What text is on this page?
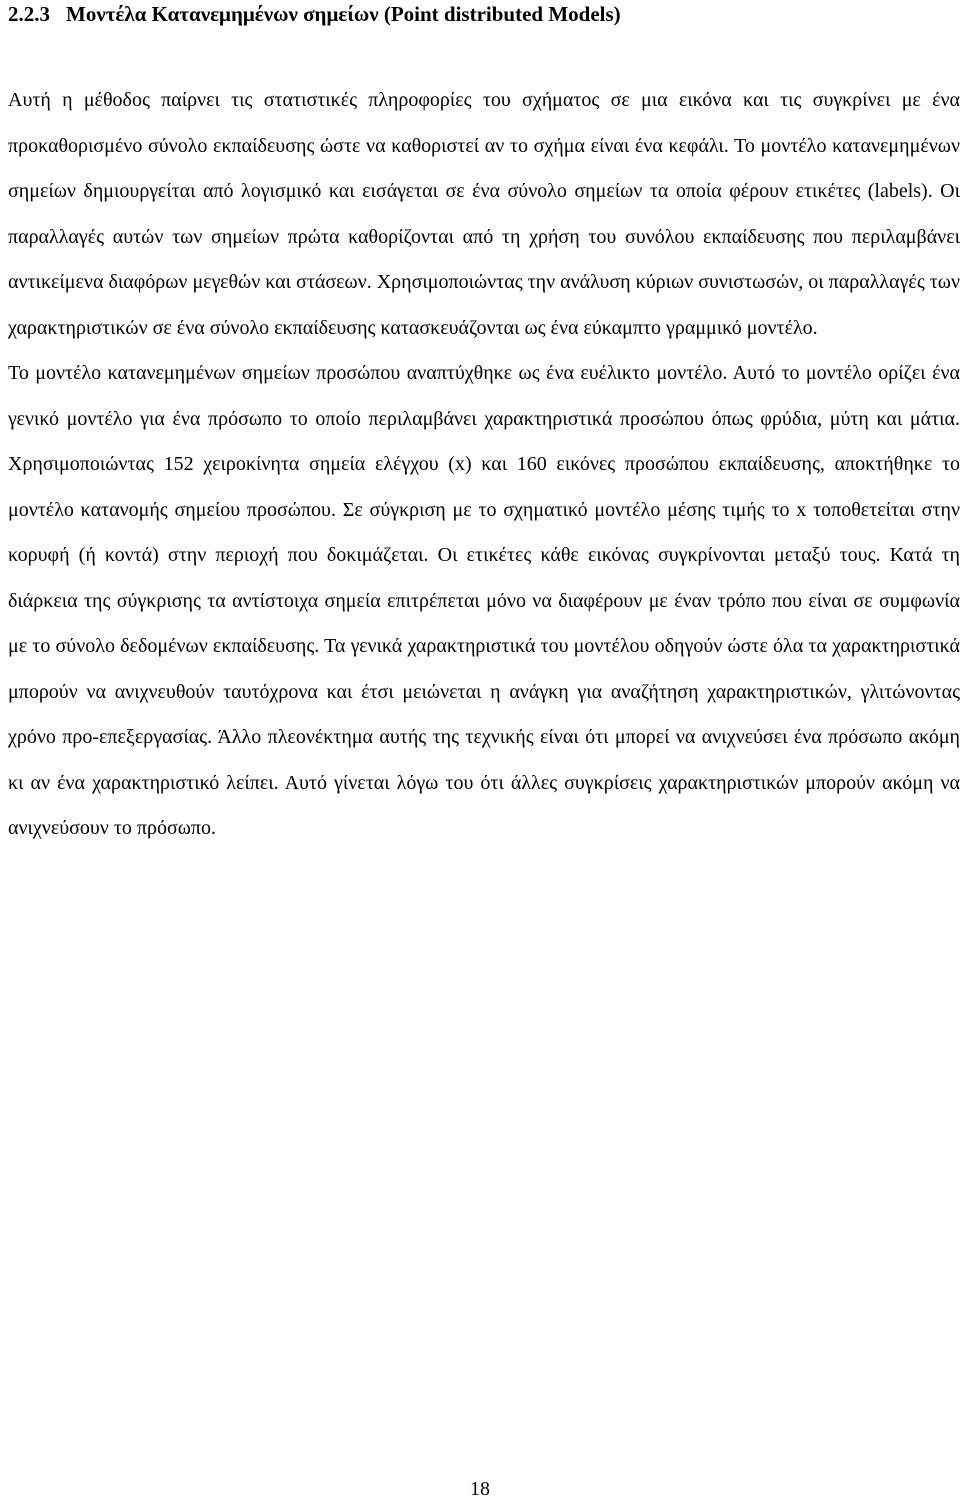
2.2.3 Μοντέλα Κατανεμημένων σημείων (Point distributed Models)

Αυτή η μέθοδος παίρνει τις στατιστικές πληροφορίες του σχήματος σε μια εικόνα και τις συγκρίνει με ένα προκαθορισμένο σύνολο εκπαίδευσης ώστε να καθοριστεί αν το σχήμα είναι ένα κεφάλι. Το μοντέλο κατανεμημένων σημείων δημιουργείται από λογισμικό και εισάγεται σε ένα σύνολο σημείων τα οποία φέρουν ετικέτες (labels). Οι παραλλαγές αυτών των σημείων πρώτα καθορίζονται από τη χρήση του συνόλου εκπαίδευσης που περιλαμβάνει αντικείμενα διαφόρων μεγεθών και στάσεων. Χρησιμοποιώντας την ανάλυση κύριων συνιστωσών, οι παραλλαγές των χαρακτηριστικών σε ένα σύνολο εκπαίδευσης κατασκευάζονται ως ένα εύκαμπτο γραμμικό μοντέλο.

Το μοντέλο κατανεμημένων σημείων προσώπου αναπτύχθηκε ως ένα ευέλικτο μοντέλο. Αυτό το μοντέλο ορίζει ένα γενικό μοντέλο για ένα πρόσωπο το οποίο περιλαμβάνει χαρακτηριστικά προσώπου όπως φρύδια, μύτη και μάτια. Χρησιμοποιώντας 152 χειροκίνητα σημεία ελέγχου (x) και 160 εικόνες προσώπου εκπαίδευσης, αποκτήθηκε το μοντέλο κατανομής σημείου προσώπου. Σε σύγκριση με το σχηματικό μοντέλο μέσης τιμής το x τοποθετείται στην κορυφή (ή κοντά) στην περιοχή που δοκιμάζεται. Οι ετικέτες κάθε εικόνας συγκρίνονται μεταξύ τους. Κατά τη διάρκεια της σύγκρισης τα αντίστοιχα σημεία επιτρέπεται μόνο να διαφέρουν με έναν τρόπο που είναι σε συμφωνία με το σύνολο δεδομένων εκπαίδευσης. Τα γενικά χαρακτηριστικά του μοντέλου οδηγούν ώστε όλα τα χαρακτηριστικά μπορούν να ανιχνευθούν ταυτόχρονα και έτσι μειώνεται η ανάγκη για αναζήτηση χαρακτηριστικών, γλιτώνοντας χρόνο προ-επεξεργασίας. Άλλο πλεονέκτημα αυτής της τεχνικής είναι ότι μπορεί να ανιχνεύσει ένα πρόσωπο ακόμη κι αν ένα χαρακτηριστικό λείπει. Αυτό γίνεται λόγω του ότι άλλες συγκρίσεις χαρακτηριστικών μπορούν ακόμη να ανιχνεύσουν το πρόσωπο.

18
